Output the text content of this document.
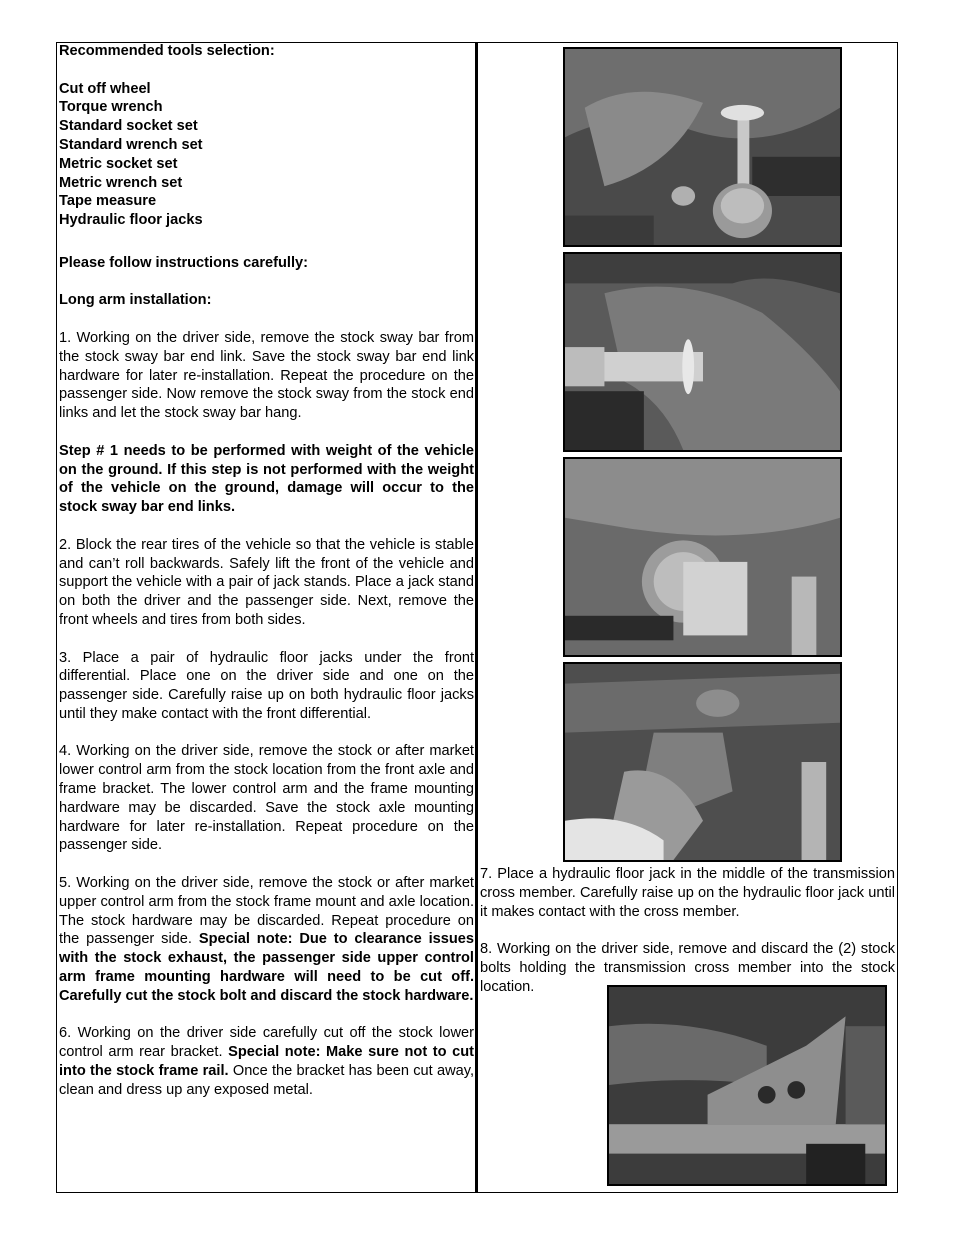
Recommended tools selection:

Cut off wheel

Torque wrench

Standard socket set

Standard wrench set

Metric socket set

Metric wrench set

Tape measure

Hydraulic floor jacks

Please follow instructions carefully:

Long arm installation:

1. Working on the driver side, remove the stock sway bar from the stock sway bar end link. Save the stock sway bar end link hardware for later re-installation. Repeat the procedure on the passenger side. Now remove the stock sway from the stock end links and let the stock sway bar hang.

Step # 1 needs to be performed with weight of the vehicle on the ground. If this step is not performed with the weight of the vehicle on the ground, damage will occur to the stock sway bar end links.

2. Block the rear tires of the vehicle so that the vehicle is stable and can’t roll backwards. Safely lift the front of the vehicle and support the vehicle with a pair of jack stands. Place a jack stand on both the driver and the passenger side. Next, remove the front wheels and tires from both sides.

3. Place a pair of hydraulic floor jacks under the front differential. Place one on the driver side and one on the passenger side. Carefully raise up on both hydraulic floor jacks until they make contact with the front differential.

4. Working on the driver side, remove the stock or after market lower control arm from the stock location from the front axle and frame bracket. The lower control arm and the frame mounting hardware may be discarded. Save the stock axle mounting hardware for later re-installation. Repeat procedure on the passenger side.

5. Working on the driver side, remove the stock or after market upper control arm from the stock frame mount and axle location. The stock hardware may be discarded. Repeat procedure on the passenger side. Special note: Due to clearance issues with the stock exhaust, the passenger side upper control arm frame mounting hardware will need to be cut off. Carefully cut the stock bolt and discard the stock hardware.

6. Working on the driver side carefully cut off the stock lower control arm rear bracket. Special note: Make sure not to cut into the stock frame rail. Once the bracket has been cut away, clean and dress up any exposed metal.

7. Place a hydraulic floor jack in the middle of the transmission cross member. Carefully raise up on the hydraulic floor jack until it makes contact with the cross member.
8. Working on the driver side, remove and discard the (2) stock bolts holding the transmission cross member into the stock location.
